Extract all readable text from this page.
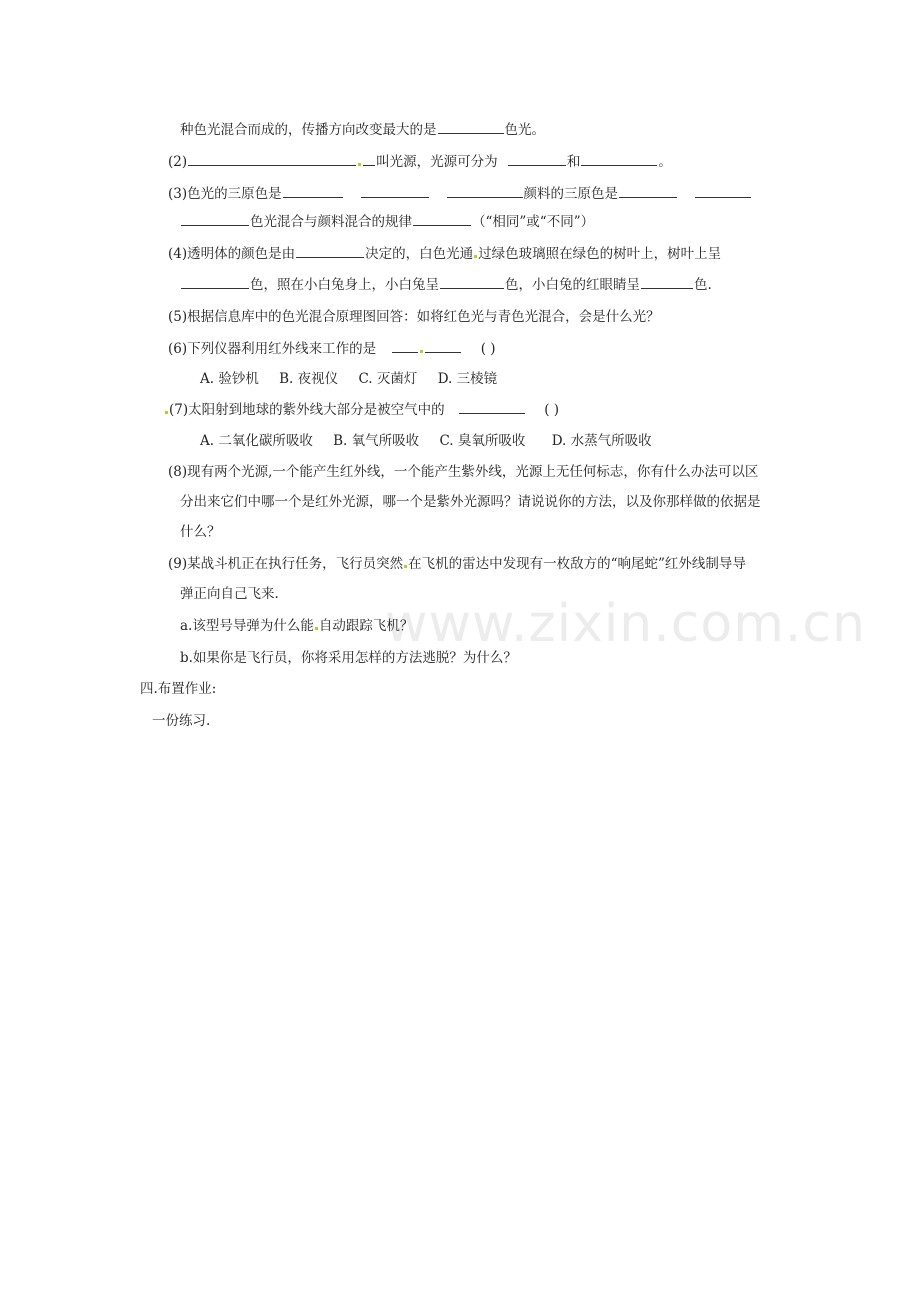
www.zixin.com.cn
种色光混合而成的，传播方向改变最大的是	色光。
(2)	叫光源，光源可分为	和	。
(3)色光的三原色是	颜料的三原色是
色光混合与颜料混合的规律	（“相同”或“不同”）
(4)透明体的颜色是由	决定的，白色光通 过绿色玻璃照在绿色的树叶上，树叶上呈
色，照在小白兔身上，小白兔呈	色，小白兔的红眼睛呈	色.
(5)根据信息库中的色光混合原理图回答：如将红色光与青色光混合，会是什么光？
(6)下列仪器利用红外线来工作的是	( )
A. 验钞机 B. 夜视仪 C. 灭菌灯 D. 三棱镜
(7)太阳射到地球的紫外线大部分是被空气中的	( )
A. 二氧化碳所吸收 B. 氧气所吸收 C. 臭氧所吸收 D. 水蒸气所吸收
(8)现有两个光源,一个能产生红外线，一个能产生紫外线，光源上无任何标志，你有什么办法可以区
分出来它们中哪一个是红外光源，哪一个是紫外光源吗？请说说你的方法，以及你那样做的依据是
什么？
(9)某战斗机正在执行任务，飞行员突然 在飞机的雷达中发现有一枚敌方的“响尾蛇”红外线制导导
弹正向自己飞来.
a.该型号导弹为什么能 自动跟踪飞机？
b.如果你是飞行员，你将采用怎样的方法逃脱？为什么？
四.布置作业:
一份练习.
